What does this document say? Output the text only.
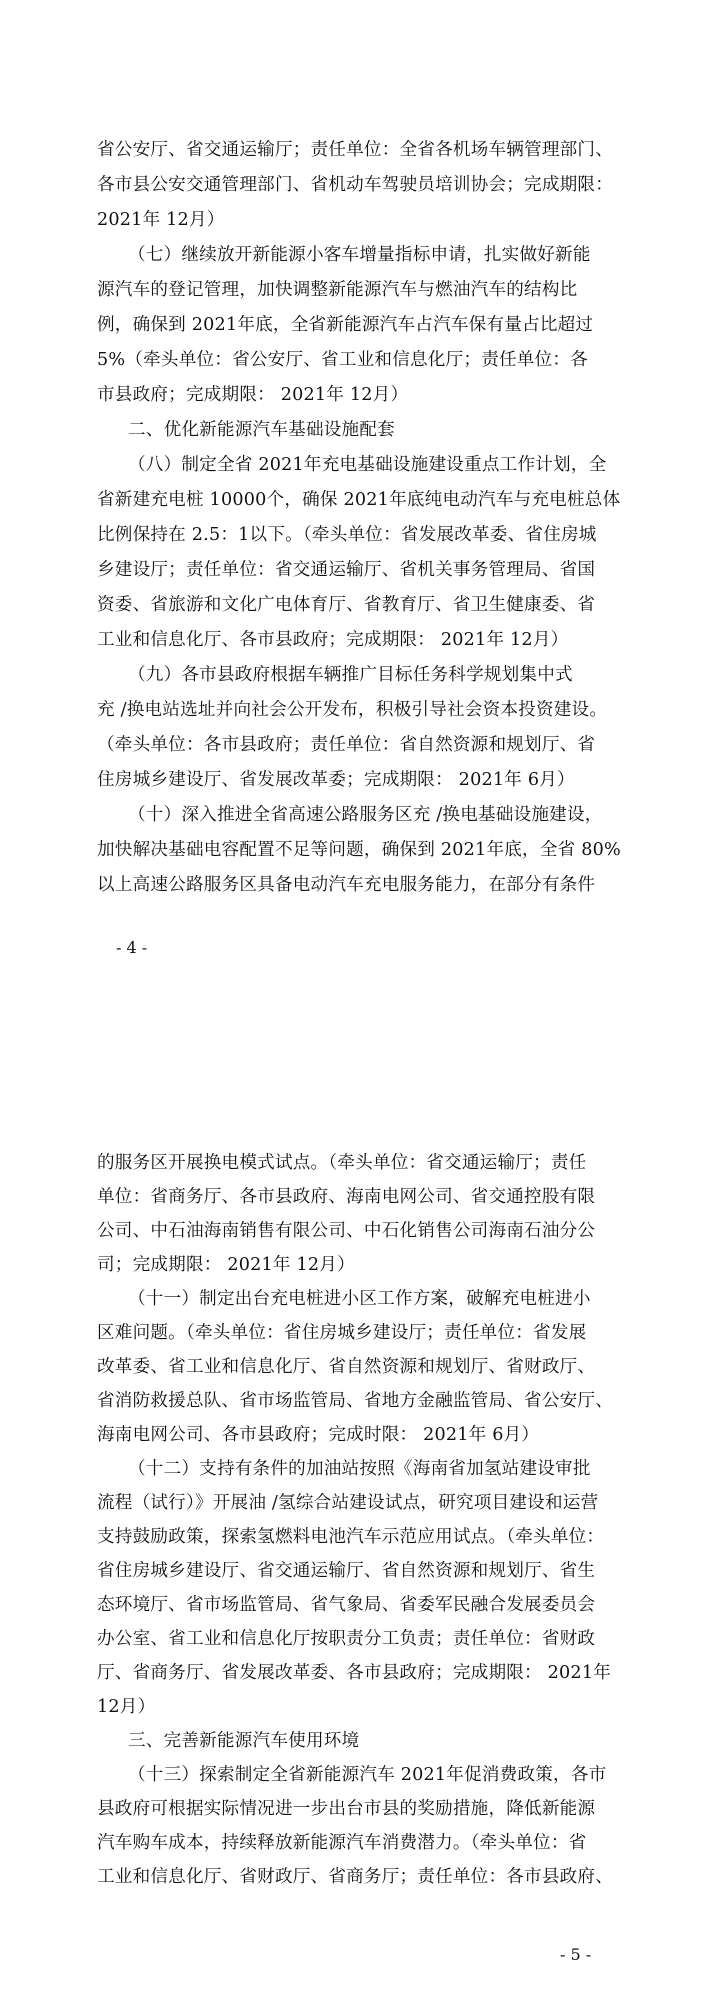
省公安厅、省交通运输厅；责任单位：全省各机场车辆管理部门、
各市县公安交通管理部门、省机动车驾驶员培训协会；完成期限：
2021年 12月）
（七）继续放开新能源小客车增量指标申请，扎实做好新能
源汽车的登记管理，加快调整新能源汽车与燃油汽车的结构比
例，确保到 2021年底，全省新能源汽车占汽车保有量占比超过
5%（牵头单位：省公安厅、省工业和信息化厅；责任单位：各
市县政府；完成期限： 2021年 12月）
二、优化新能源汽车基础设施配套
（八）制定全省 2021年充电基础设施建设重点工作计划，全
省新建充电桩 10000个，确保 2021年底纯电动汽车与充电桩总体
比例保持在 2.5：1以下。（牵头单位：省发展改革委、省住房城
乡建设厅；责任单位：省交通运输厅、省机关事务管理局、省国
资委、省旅游和文化广电体育厅、省教育厅、省卫生健康委、省
工业和信息化厅、各市县政府；完成期限： 2021年 12月）
（九）各市县政府根据车辆推广目标任务科学规划集中式
充 /换电站选址并向社会公开发布，积极引导社会资本投资建设。
（牵头单位：各市县政府；责任单位：省自然资源和规划厅、省
住房城乡建设厅、省发展改革委；完成期限： 2021年 6月）
（十）深入推进全省高速公路服务区充 /换电基础设施建设，
加快解决基础电容配置不足等问题，确保到 2021年底，全省 80%
以上高速公路服务区具备电动汽车充电服务能力，在部分有条件
- 4 -
的服务区开展换电模式试点。（牵头单位：省交通运输厅；责任
单位：省商务厅、各市县政府、海南电网公司、省交通控股有限
公司、中石油海南销售有限公司、中石化销售公司海南石油分公
司；完成期限： 2021年 12月）
（十一）制定出台充电桩进小区工作方案，破解充电桩进小
区难问题。（牵头单位：省住房城乡建设厅；责任单位：省发展
改革委、省工业和信息化厅、省自然资源和规划厅、省财政厅、
省消防救援总队、省市场监管局、省地方金融监管局、省公安厅、
海南电网公司、各市县政府；完成时限： 2021年 6月）
（十二）支持有条件的加油站按照《海南省加氢站建设审批
流程（试行）》开展油 /氢综合站建设试点，研究项目建设和运营
支持鼓励政策，探索氢燃料电池汽车示范应用试点。（牵头单位：
省住房城乡建设厅、省交通运输厅、省自然资源和规划厅、省生
态环境厅、省市场监管局、省气象局、省委军民融合发展委员会
办公室、省工业和信息化厅按职责分工负责；责任单位：省财政
厅、省商务厅、省发展改革委、各市县政府；完成期限： 2021年
12月）
三、完善新能源汽车使用环境
（十三）探索制定全省新能源汽车 2021年促消费政策，各市
县政府可根据实际情况进一步出台市县的奖励措施，降低新能源
汽车购车成本，持续释放新能源汽车消费潜力。（牵头单位：省
工业和信息化厅、省财政厅、省商务厅；责任单位：各市县政府、
- 5 -
